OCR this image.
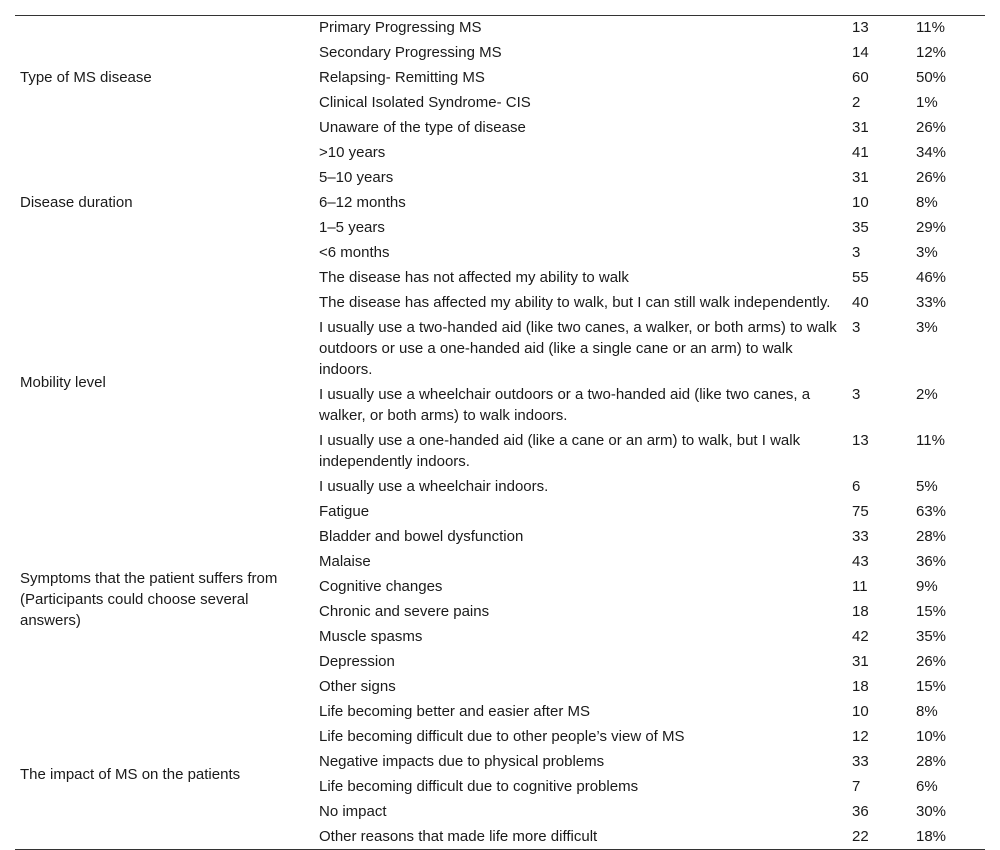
Type of MS disease	Primary Progressing MS	13	11%
	Secondary Progressing MS	14	12%
	Relapsing- Remitting MS	60	50%
	Clinical Isolated Syndrome- CIS	2	1%
	Unaware of the type of disease	31	26%
Disease duration	>10 years	41	34%
	5–10 years	31	26%
	6–12 months	10	8%
	1–5 years	35	29%
	<6 months	3	3%
Mobility level	The disease has not affected my ability to walk	55	46%
	The disease has affected my ability to walk, but I can still walk independently.	40	33%
	I usually use a two-handed aid (like two canes, a walker, or both arms) to walk outdoors or use a one-handed aid (like a single cane or an arm) to walk indoors.	3	3%
	I usually use a wheelchair outdoors or a two-handed aid (like two canes, a walker, or both arms) to walk indoors.	3	2%
	I usually use a one-handed aid (like a cane or an arm) to walk, but I walk independently indoors.	13	11%
	I usually use a wheelchair indoors.	6	5%
Symptoms that the patient suffers from (Participants could choose several answers)	Fatigue	75	63%
	Bladder and bowel dysfunction	33	28%
	Malaise	43	36%
	Cognitive changes	11	9%
	Chronic and severe pains	18	15%
	Muscle spasms	42	35%
	Depression	31	26%
	Other signs	18	15%
The impact of MS on the patients	Life becoming better and easier after MS	10	8%
	Life becoming difficult due to other people’s view of MS	12	10%
	Negative impacts due to physical problems	33	28%
	Life becoming difficult due to cognitive problems	7	6%
	No impact	36	30%
	Other reasons that made life more difficult	22	18%
